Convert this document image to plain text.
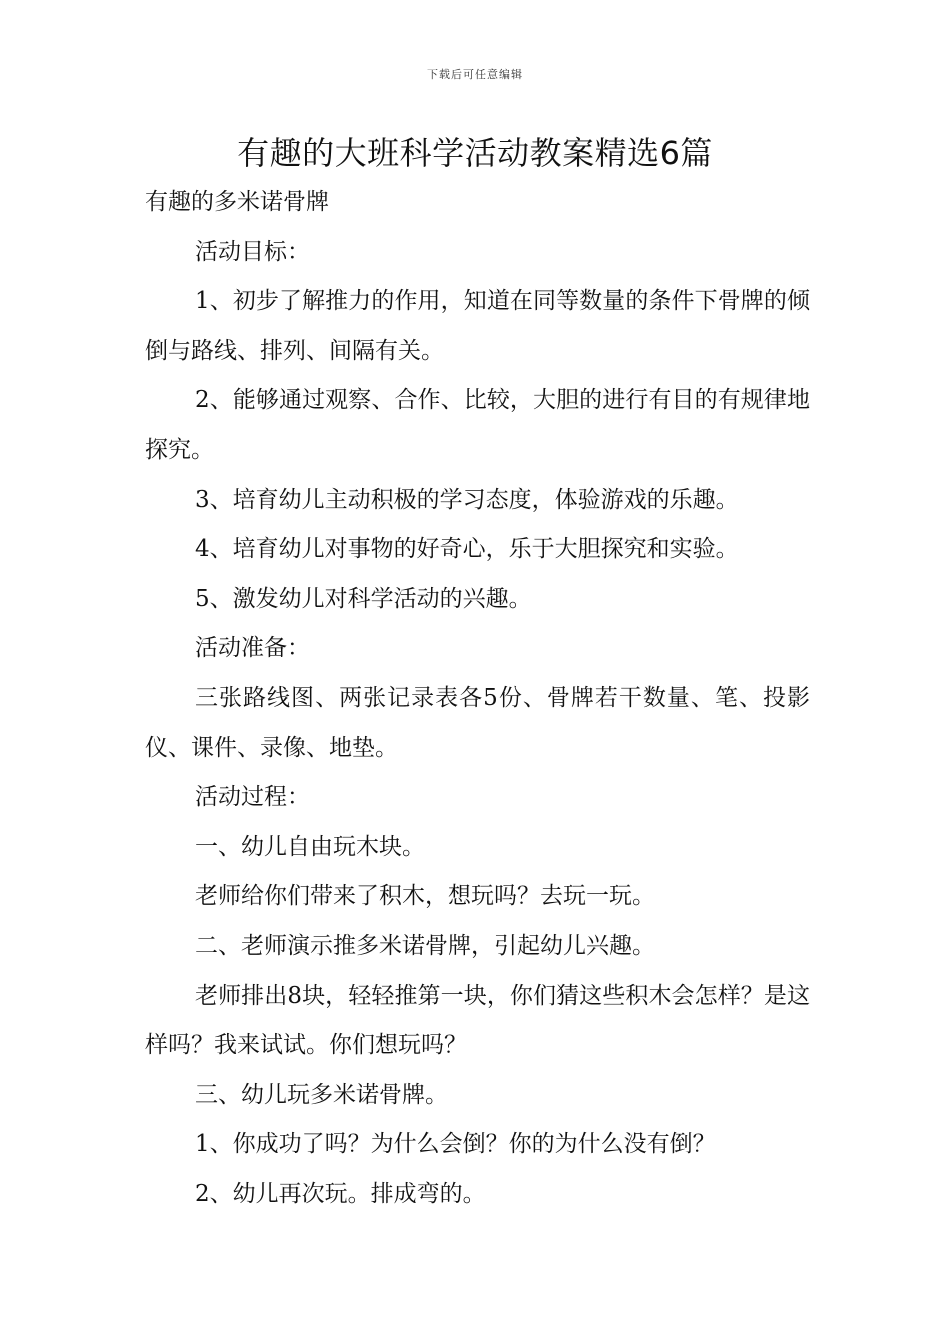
下载后可任意编辑
有趣的大班科学活动教案精选6篇

有趣的多米诺骨牌

活动目标：

1、初步了解推力的作用，知道在同等数量的条件下骨牌的倾倒与路线、排列、间隔有关。

2、能够通过观察、合作、比较，大胆的进行有目的有规律地探究。

3、培育幼儿主动积极的学习态度，体验游戏的乐趣。

4、培育幼儿对事物的好奇心，乐于大胆探究和实验。

5、激发幼儿对科学活动的兴趣。

活动准备：

三张路线图、两张记录表各5份、骨牌若干数量、笔、投影仪、课件、录像、地垫。

活动过程：

一、幼儿自由玩木块。

老师给你们带来了积木，想玩吗？去玩一玩。

二、老师演示推多米诺骨牌，引起幼儿兴趣。

老师排出8块，轻轻推第一块，你们猜这些积木会怎样？是这样吗？我来试试。你们想玩吗？

三、幼儿玩多米诺骨牌。

1、你成功了吗？为什么会倒？你的为什么没有倒？

2、幼儿再次玩。排成弯的。
